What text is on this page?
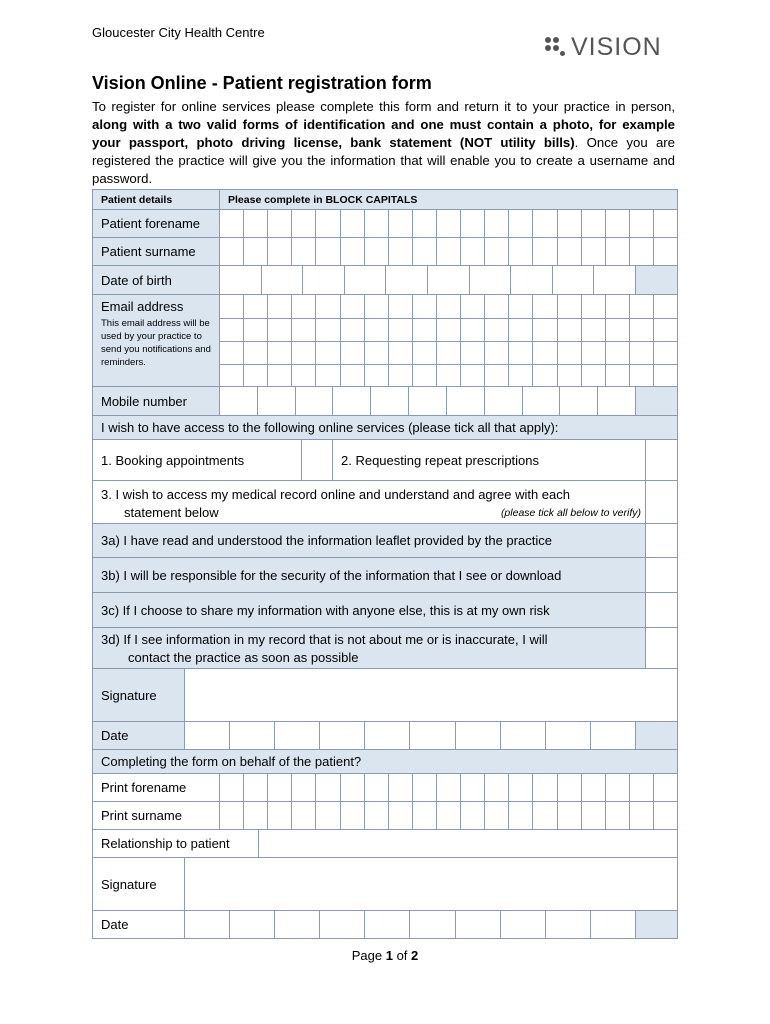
Gloucester City Health Centre
VISION
Vision Online - Patient registration form
To register for online services please complete this form and return it to your practice in person, along with a two valid forms of identification and one must contain a photo, for example your passport, photo driving license, bank statement (NOT utility bills). Once you are registered the practice will give you the information that will enable you to create a username and password.
Patient details	Please complete in BLOCK CAPITALS
Patient forename
Patient surname
Date of birth
Email address
This email address will be used by your practice to send you notifications and reminders.
Mobile number
I wish to have access to the following online services (please tick all that apply):
1. Booking appointments	2. Requesting repeat prescriptions
3. I wish to access my medical record online and understand and agree with each
statement below	(please tick all below to verify)
3a) I have read and understood the information leaflet provided by the practice
3b) I will be responsible for the security of the information that I see or download
3c) If I choose to share my information with anyone else, this is at my own risk
3d) If I see information in my record that is not about me or is inaccurate, I will
contact the practice as soon as possible
Signature
Date
Completing the form on behalf of the patient?
Print forename
Print surname
Relationship to patient
Signature
Date
Page 1 of 2
